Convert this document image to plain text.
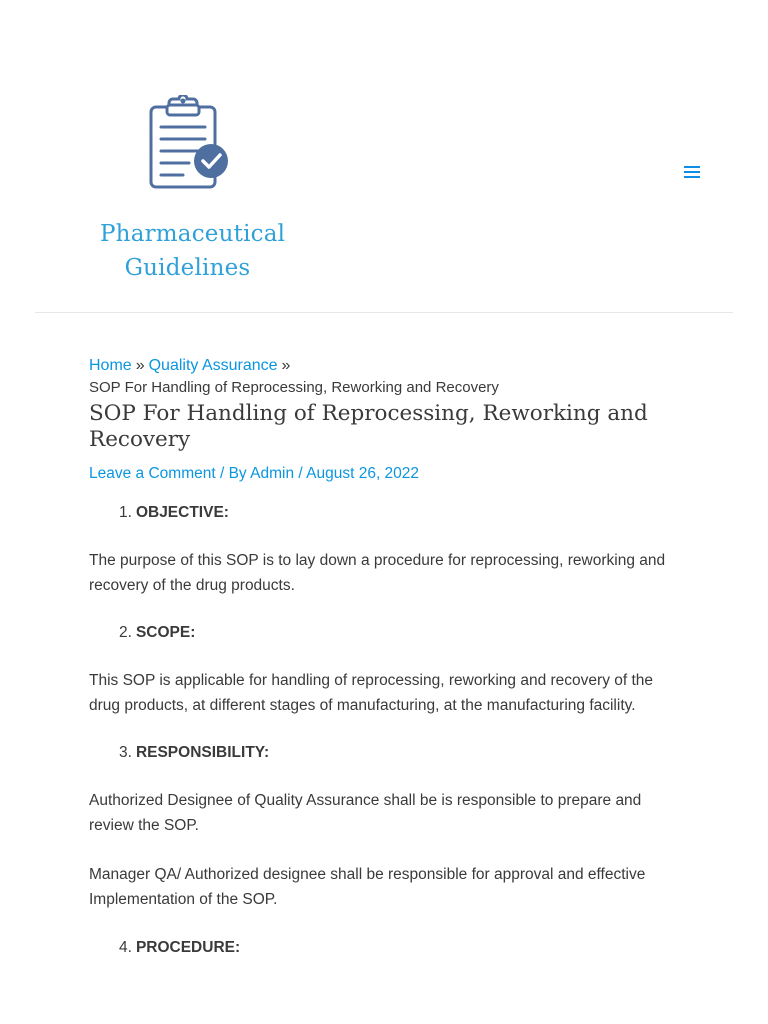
Pharmaceutical
Guidelines
Home » Quality Assurance »
SOP For Handling of Reprocessing, Reworking and Recovery
SOP For Handling of Reprocessing, Reworking and Recovery
Leave a Comment / By Admin / August 26, 2022
1. OBJECTIVE:

The purpose of this SOP is to lay down a procedure for reprocessing, reworking and recovery of the drug products.

2. SCOPE:

This SOP is applicable for handling of reprocessing, reworking and recovery of the drug products, at different stages of manufacturing, at the manufacturing facility.

3. RESPONSIBILITY:

Authorized Designee of Quality Assurance shall be is responsible to prepare and review the SOP.

Manager QA/ Authorized designee shall be responsible for approval and effective Implementation of the SOP.

4. PROCEDURE:
